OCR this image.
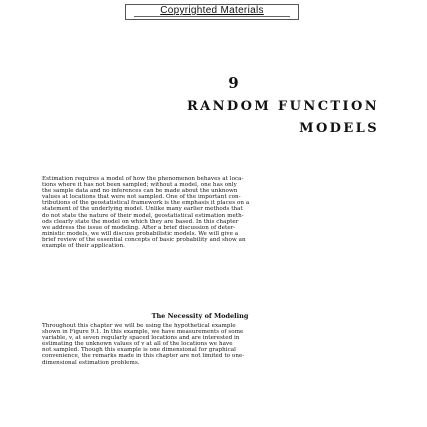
Copyrighted Materials
9
RANDOM FUNCTION
MODELS
Estimation requires a model of how the phenomenon behaves at loca-
tions where it has not been sampled; without a model, one has only
the sample data and no inferences can be made about the unknown
values at locations that were not sampled. One of the important con-
tributions of the geostatistical framework is the emphasis it places on a
statement of the underlying model. Unlike many earlier methods that
do not state the nature of their model, geostatistical estimation meth-
ods clearly state the model on which they are based. In this chapter
we address the issue of modeling. After a brief discussion of deter-
ministic models, we will discuss probabilistic models. We will give a
brief review of the essential concepts of basic probability and show an
example of their application.
The Necessity of Modeling
Throughout this chapter we will be using the hypothetical example
shown in Figure 9.1. In this example, we have measurements of some
variable, v, at seven regularly spaced locations and are interested in
estimating the unknown values of v at all of the locations we have
not sampled. Though this example is one dimensional for graphical
convenience, the remarks made in this chapter are not limited to one-
dimensional estimation problems.
